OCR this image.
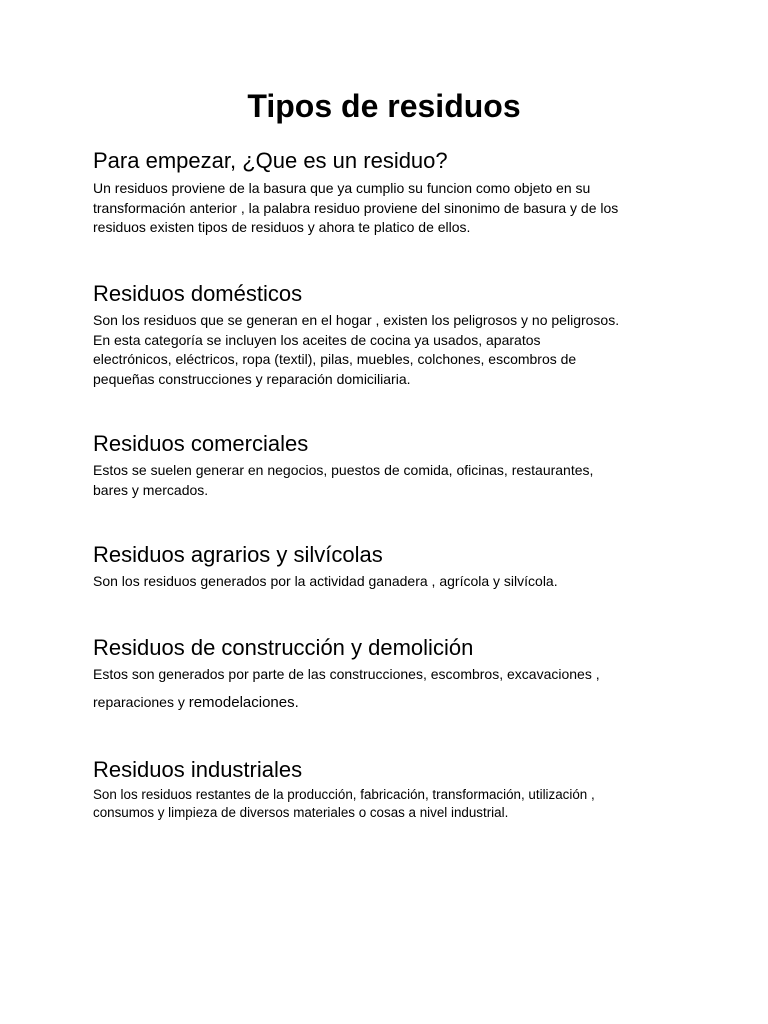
Tipos de residuos
Para empezar, ¿Que es un residuo?

Un residuos proviene de la basura que ya cumplio su funcion como objeto en su
transformación anterior , la palabra residuo proviene del sinonimo de basura y de los
residuos existen tipos de residuos y ahora te platico de ellos.

Residuos domésticos

Son los residuos que se generan en el hogar , existen los peligrosos y no peligrosos.
En esta categoría se incluyen los aceites de cocina ya usados, aparatos
electrónicos, eléctricos, ropa (textil), pilas, muebles, colchones, escombros de
pequeñas construcciones y reparación domiciliaria.

Residuos comerciales

Estos se suelen generar en negocios, puestos de comida, oficinas, restaurantes,
bares y mercados.

Residuos agrarios y silvícolas

Son los residuos generados por la actividad ganadera , agrícola y silvícola.

Residuos de construcción y demolición

Estos son generados por parte de las construcciones, escombros, excavaciones ,
reparaciones y remodelaciones.

Residuos industriales

Son los residuos restantes de la producción, fabricación, transformación, utilización ,
consumos y limpieza de diversos materiales o cosas a nivel industrial.
